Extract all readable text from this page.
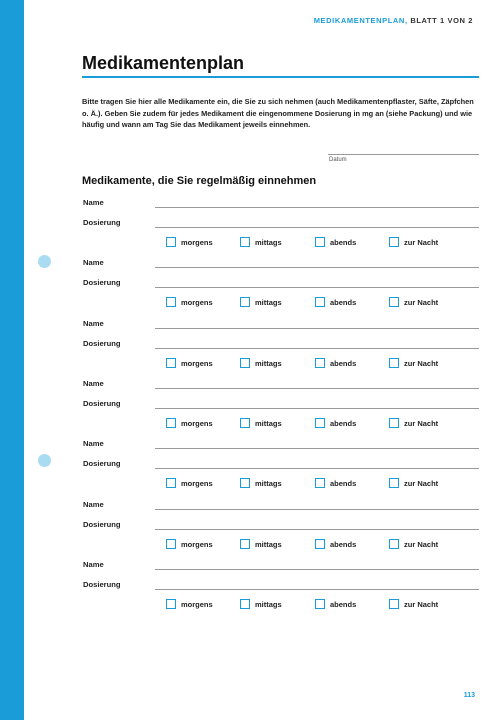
MEDIKAMENTENPLAN, BLATT 1 VON 2
Medikamentenplan
Bitte tragen Sie hier alle Medikamente ein, die Sie zu sich nehmen (auch Medikamentenpflaster, Säfte, Zäpfchen o. Ä.). Geben Sie zudem für jedes Medikament die eingenommene Dosierung in mg an (siehe Packung) und wie häufig und wann am Tag Sie das Medikament jeweils einnehmen.
Datum
Medikamente, die Sie regelmäßig einnehmen
Name
Dosierung
morgens	mittags	abends	zur Nacht
Name
Dosierung
morgens	mittags	abends	zur Nacht
Name
Dosierung
morgens	mittags	abends	zur Nacht
Name
Dosierung
morgens	mittags	abends	zur Nacht
Name
Dosierung
morgens	mittags	abends	zur Nacht
Name
Dosierung
morgens	mittags	abends	zur Nacht
Name
Dosierung
morgens	mittags	abends	zur Nacht
113
